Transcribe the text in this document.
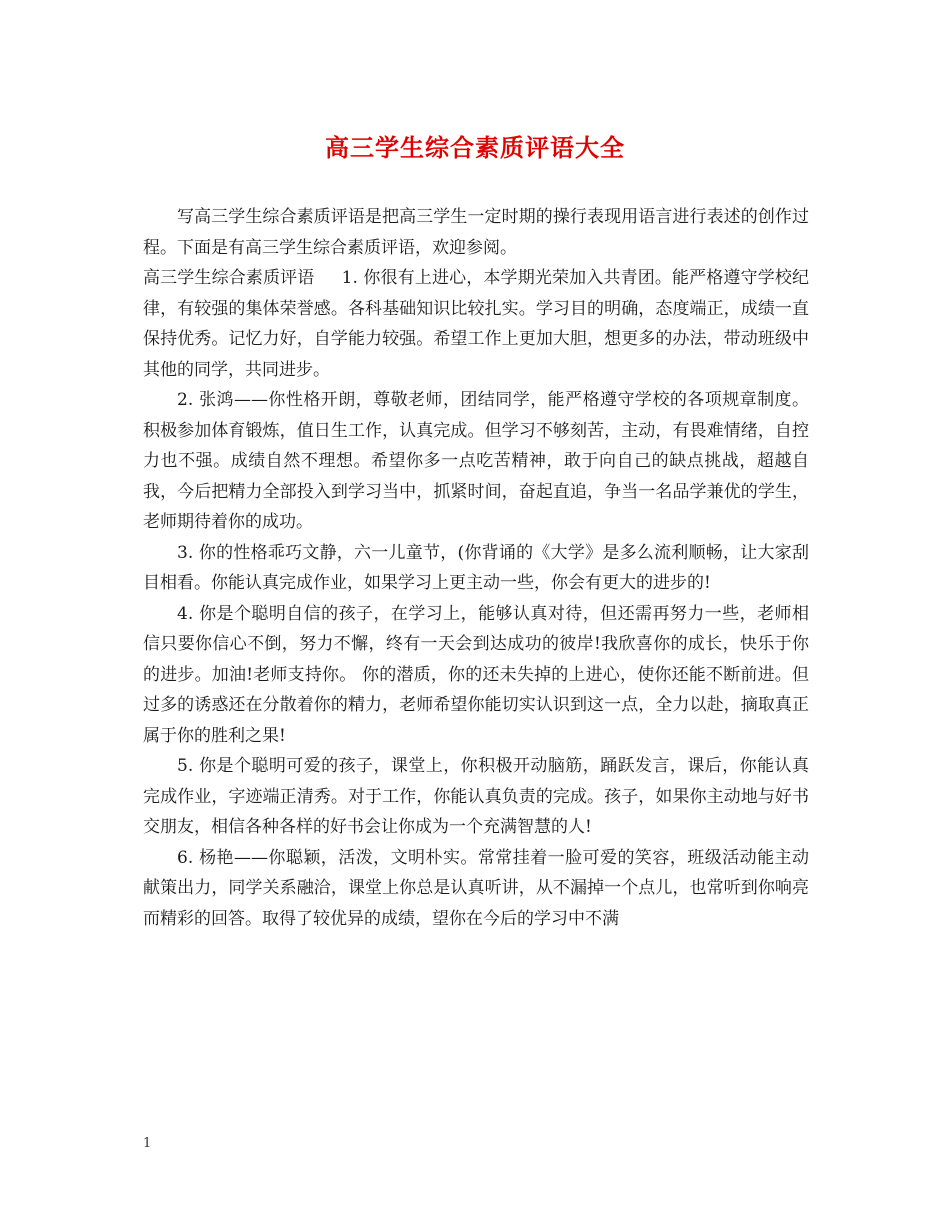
高三学生综合素质评语大全

写高三学生综合素质评语是把高三学生一定时期的操行表现用语言进行表述的创作过程。下面是有高三学生综合素质评语，欢迎参阅。

高三学生综合素质评语 1. 你很有上进心，本学期光荣加入共青团。能严格遵守学校纪律，有较强的集体荣誉感。各科基础知识比较扎实。学习目的明确，态度端正，成绩一直保持优秀。记忆力好，自学能力较强。希望工作上更加大胆，想更多的办法，带动班级中其他的同学，共同进步。

2. 张鸿——你性格开朗，尊敬老师，团结同学，能严格遵守学校的各项规章制度。积极参加体育锻炼，值日生工作，认真完成。但学习不够刻苦，主动，有畏难情绪，自控力也不强。成绩自然不理想。希望你多一点吃苦精神，敢于向自己的缺点挑战，超越自我，今后把精力全部投入到学习当中，抓紧时间，奋起直追，争当一名品学兼优的学生，老师期待着你的成功。

3. 你的性格乖巧文静，六一儿童节，(你背诵的《大学》是多么流利顺畅，让大家刮目相看。你能认真完成作业，如果学习上更主动一些，你会有更大的进步的!

4. 你是个聪明自信的孩子，在学习上，能够认真对待，但还需再努力一些，老师相信只要你信心不倒，努力不懈，终有一天会到达成功的彼岸!我欣喜你的成长，快乐于你的进步。加油!老师支持你。 你的潜质，你的还未失掉的上进心，使你还能不断前进。但过多的诱惑还在分散着你的精力，老师希望你能切实认识到这一点，全力以赴，摘取真正属于你的胜利之果!

5. 你是个聪明可爱的孩子，课堂上，你积极开动脑筋，踊跃发言，课后，你能认真完成作业，字迹端正清秀。对于工作，你能认真负责的完成。孩子，如果你主动地与好书交朋友，相信各种各样的好书会让你成为一个充满智慧的人!

6. 杨艳——你聪颖，活泼，文明朴实。常常挂着一脸可爱的笑容，班级活动能主动献策出力，同学关系融洽，课堂上你总是认真听讲，从不漏掉一个点儿，也常听到你响亮而精彩的回答。取得了较优异的成绩，望你在今后的学习中不满

1
